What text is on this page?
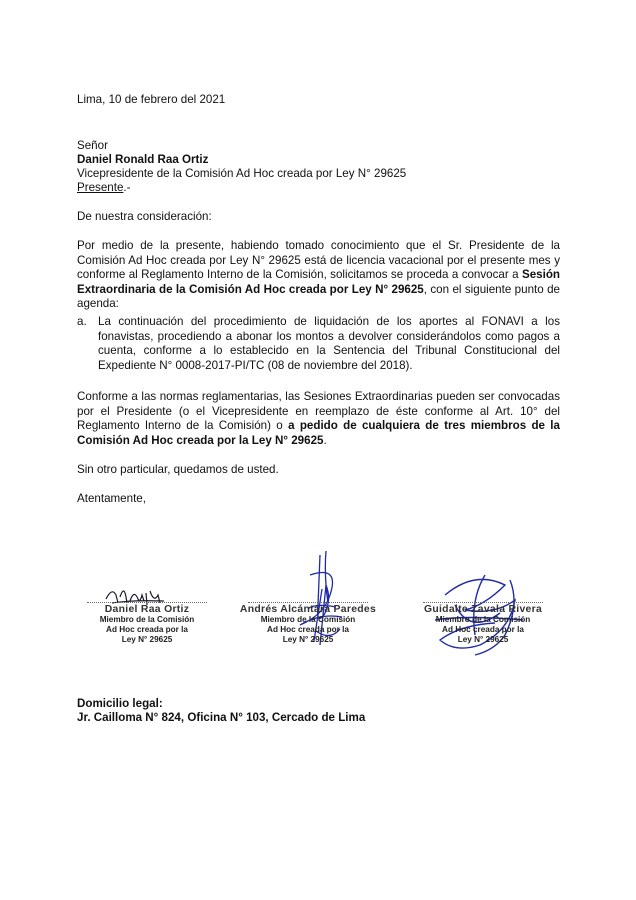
Lima, 10 de febrero del 2021
Señor
Daniel Ronald Raa Ortiz
Vicepresidente de la Comisión Ad Hoc creada por Ley N° 29625
Presente.-
De nuestra consideración:
Por medio de la presente, habiendo tomado conocimiento que el Sr. Presidente de la Comisión Ad Hoc creada por Ley N° 29625 está de licencia vacacional por el presente mes y conforme al Reglamento Interno de la Comisión, solicitamos se proceda a convocar a Sesión Extraordinaria de la Comisión Ad Hoc creada por Ley N° 29625, con el siguiente punto de agenda:
a. La continuación del procedimiento de liquidación de los aportes al FONAVI a los fonavistas, procediendo a abonar los montos a devolver considerándolos como pagos a cuenta, conforme a lo establecido en la Sentencia del Tribunal Constitucional del Expediente N° 0008-2017-PI/TC (08 de noviembre del 2018).
Conforme a las normas reglamentarias, las Sesiones Extraordinarias pueden ser convocadas por el Presidente (o el Vicepresidente en reemplazo de éste conforme al Art. 10° del Reglamento Interno de la Comisión) o a pedido de cualquiera de tres miembros de la Comisión Ad Hoc creada por la Ley N° 29625.
Sin otro particular, quedamos de usted.
Atentamente,
Daniel Raa Ortiz
Miembro de la Comisión
Ad Hoc creada por la
Ley N° 29625
Andrés Alcántara Paredes
Miembro de la Comisión
Ad Hoc creada por la
Ley N° 29625
Guidalte Zavala Rivera
Miembro de la Comisión
Ad Hoc creada por la
Ley N° 29625
Domicilio legal:
Jr. Cailloma N° 824, Oficina N° 103, Cercado de Lima
